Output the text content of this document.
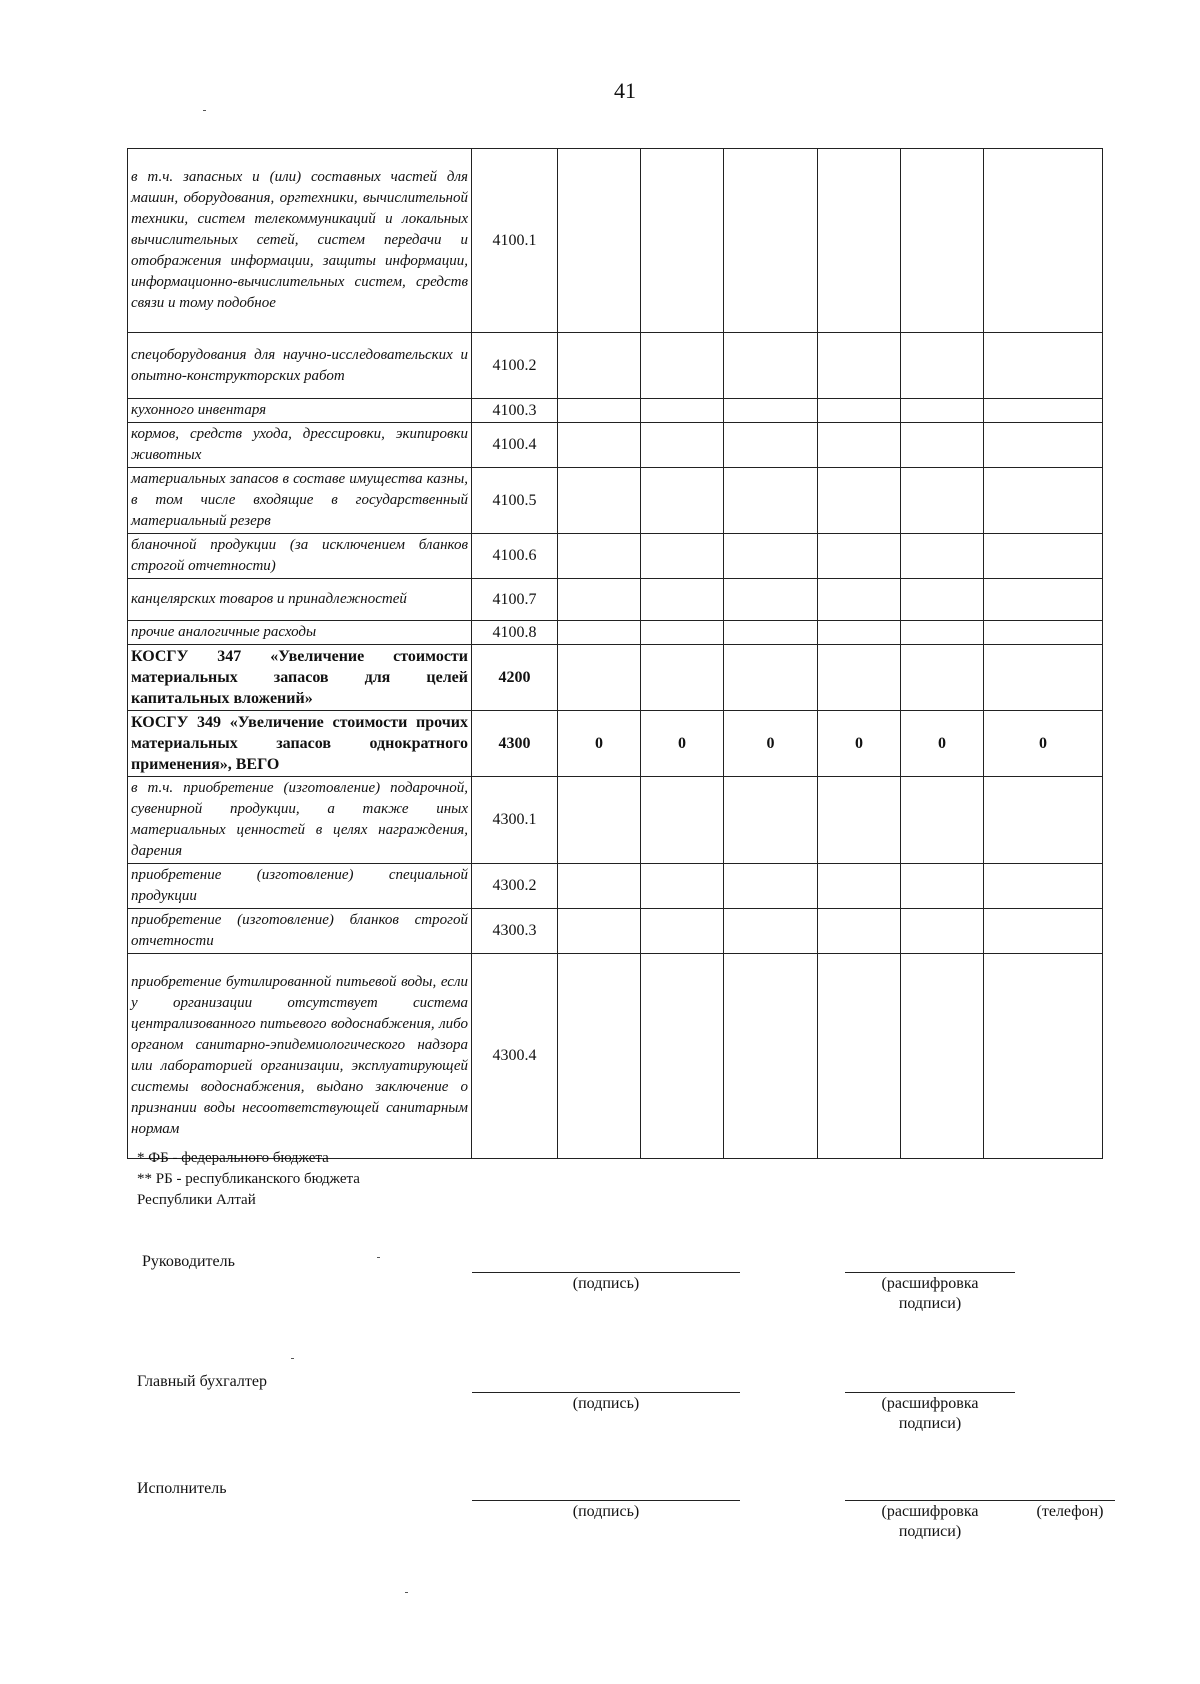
41
в т.ч. запасных и (или) составных частей для машин, оборудования, оргтехники, вычислительной техники, систем телекоммуникаций и локальных вычислительных сетей, систем передачи и отображения информации, защиты информации, информационно-вычислительных систем, средств связи и тому подобное	4100.1						
спецоборудования для научно-исследовательских и опытно-конструкторских работ	4100.2						
кухонного инвентаря	4100.3						
кормов, средств ухода, дрессировки, экипировки животных	4100.4						
материальных запасов в составе имущества казны, в том числе входящие в государственный материальный резерв	4100.5						
бланочной продукции (за исключением бланков строгой отчетности)	4100.6						
канцелярских товаров и принадлежностей	4100.7						
прочие аналогичные расходы	4100.8						
КОСГУ 347 «Увеличение стоимости материальных запасов для целей капитальных вложений»	4200						
КОСГУ 349 «Увеличение стоимости прочих материальных запасов однократного применения», ВЕГО	4300	0	0	0	0	0	0
в т.ч. приобретение (изготовление) подарочной, сувенирной продукции, а также иных материальных ценностей в целях награждения, дарения	4300.1						
приобретение (изготовление) специальной продукции	4300.2						
приобретение (изготовление) бланков строгой отчетности	4300.3						
приобретение бутилированной питьевой воды, если у организации отсутствует система централизованного питьевого водоснабжения, либо органом санитарно-эпидемиологического надзора или лабораторией организации, эксплуатирующей системы водоснабжения, выдано заключение о признании воды несоответствующей санитарным нормам	4300.4						
* ФБ - федерального бюджета
** РБ - республиканского бюджета
Республики Алтай
Руководитель
(подпись)	(расшифровка
подписи)
Главный бухгалтер
(подпись)	(расшифровка
подписи)
Исполнитель
(подпись)	(расшифровка
подписи)
(телефон)
